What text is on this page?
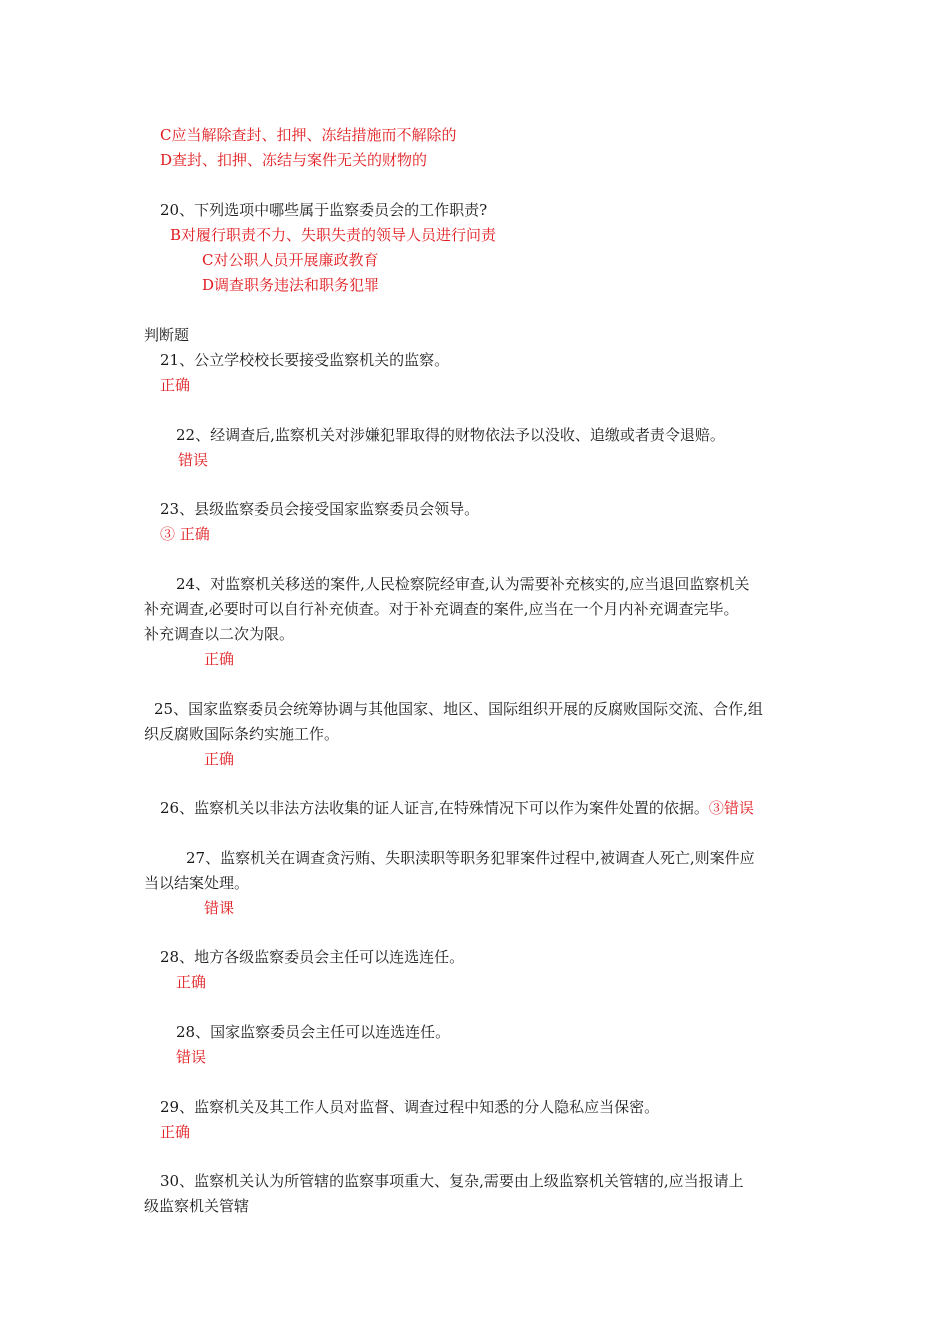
C应当解除查封、扣押、冻结措施而不解除的
D查封、扣押、冻结与案件无关的财物的
20、下列选项中哪些属于监察委员会的工作职责?
B对履行职责不力、失职失责的领导人员进行问责
C对公职人员开展廉政教育
D调查职务违法和职务犯罪
判断题
21、公立学校校长要接受监察机关的监察。
正确
22、经调查后,监察机关对涉嫌犯罪取得的财物依法予以没收、追缴或者责令退赔。
错误
23、县级监察委员会接受国家监察委员会领导。
③ 正确
24、对监察机关移送的案件,人民检察院经审查,认为需要补充核实的,应当退回监察机关
补充调查,必要时可以自行补充侦查。对于补充调查的案件,应当在一个月内补充调查完毕。
补充调查以二次为限。
正确
25、国家监察委员会统筹协调与其他国家、地区、国际组织开展的反腐败国际交流、合作,组
织反腐败国际条约实施工作。
正确
26、监察机关以非法方法收集的证人证言,在特殊情况下可以作为案件处置的依据。③错误
27、监察机关在调查贪污贿、失职渎职等职务犯罪案件过程中,被调查人死亡,则案件应
当以结案处理。
错课
28、地方各级监察委员会主任可以连选连任。
正确
28、国家监察委员会主任可以连选连任。
错误
29、监察机关及其工作人员对监督、调查过程中知悉的分人隐私应当保密。
正确
30、监察机关认为所管辖的监察事项重大、复杂,需要由上级监察机关管辖的,应当报请上
级监察机关管辖
